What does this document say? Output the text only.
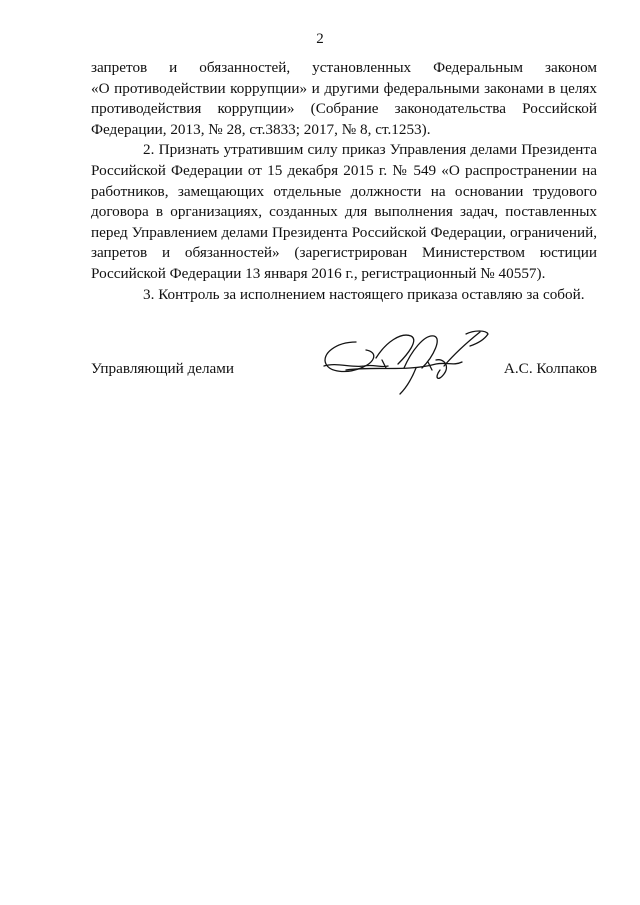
2

запретов и обязанностей, установленных Федеральным законом
«О противодействии коррупции» и другими федеральными законами в целях
противодействия коррупции» (Собрание законодательства Российской
Федерации, 2013, № 28, ст.3833; 2017, № 8, ст.1253).

2. Признать утратившим силу приказ Управления делами Президента
Российской Федерации от 15 декабря 2015 г. № 549 «О распространении на
работников, замещающих отдельные должности на основании трудового
договора в организациях, созданных для выполнения задач, поставленных
перед Управлением делами Президента Российской Федерации, ограничений,
запретов и обязанностей» (зарегистрирован Министерством юстиции
Российской Федерации 13 января 2016 г., регистрационный № 40557).

3. Контроль за исполнением настоящего приказа оставляю за собой.

Управляющий делами	А.С. Колпаков
